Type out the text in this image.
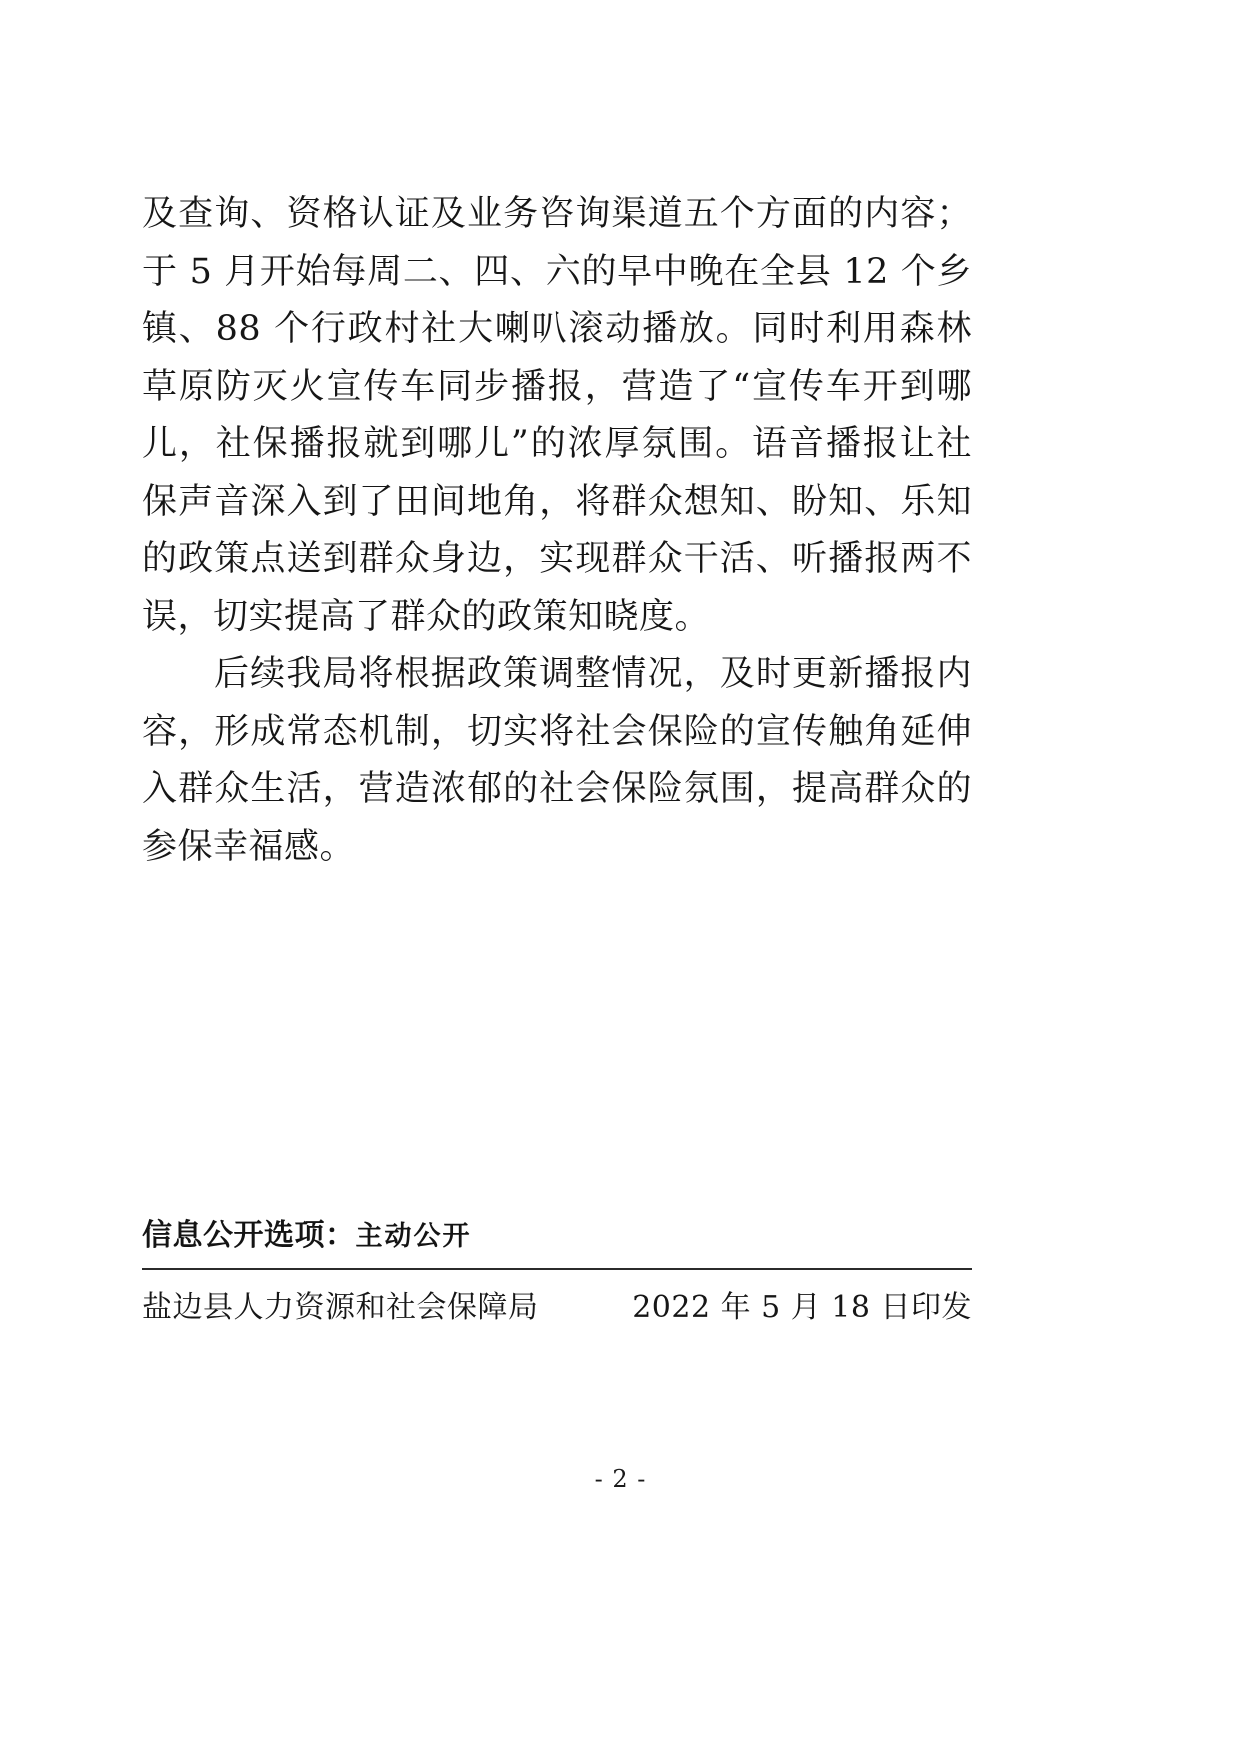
及查询、资格认证及业务咨询渠道五个方面的内容；于 5 月开始每周二、四、六的早中晚在全县 12 个乡镇、88 个行政村社大喇叭滚动播放。同时利用森林草原防灭火宣传车同步播报，营造了“宣传车开到哪儿，社保播报就到哪儿”的浓厚氛围。语音播报让社保声音深入到了田间地角，将群众想知、盼知、乐知的政策点送到群众身边，实现群众干活、听播报两不误，切实提高了群众的政策知晓度。

后续我局将根据政策调整情况，及时更新播报内容，形成常态机制，切实将社会保险的宣传触角延伸入群众生活，营造浓郁的社会保险氛围，提高群众的参保幸福感。

信息公开选项：主动公开
盐边县人力资源和社会保障局	2022 年 5 月 18 日印发
- 2 -
